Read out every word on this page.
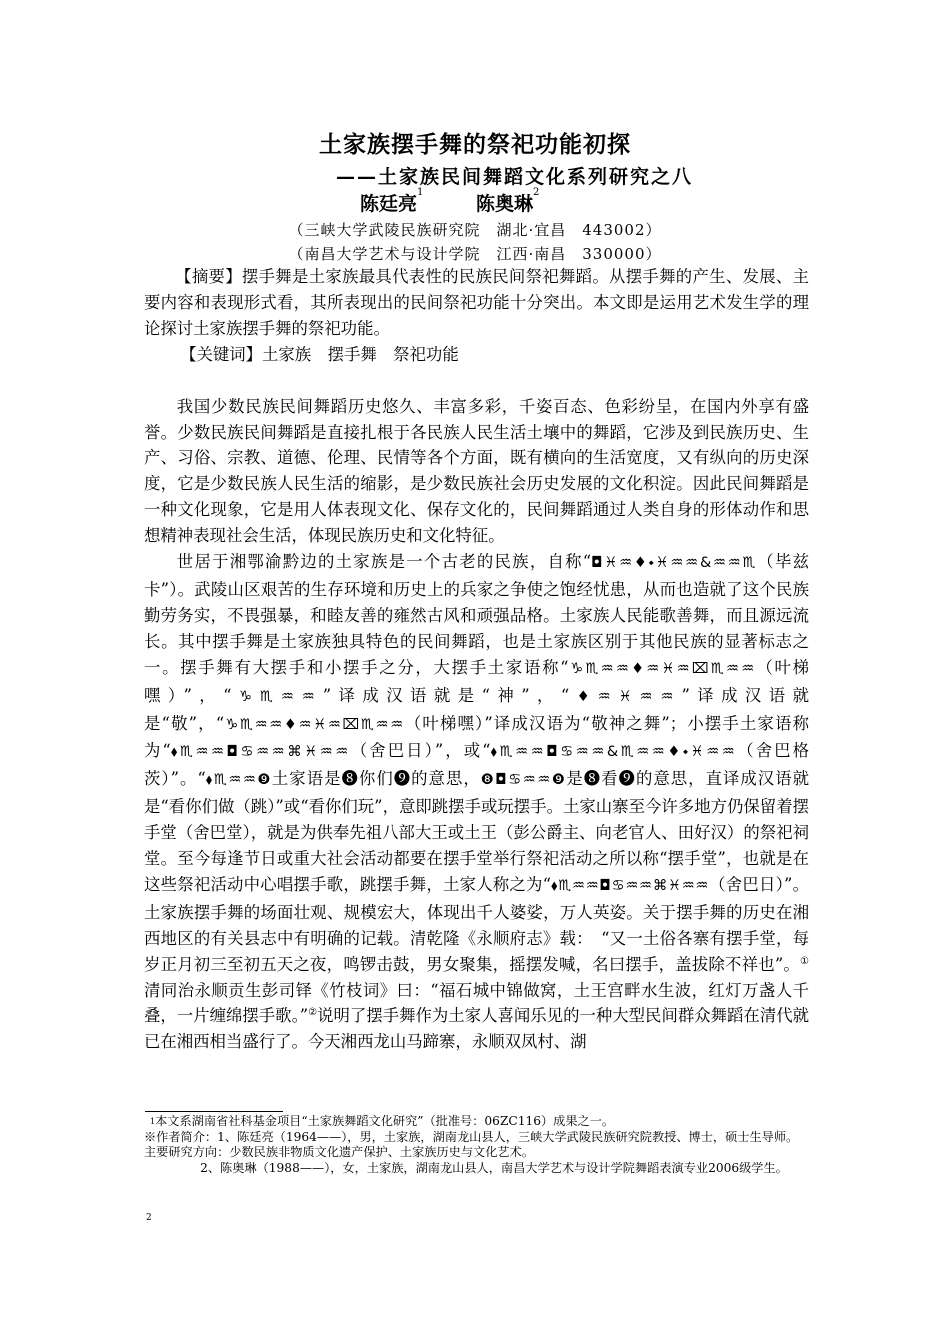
土家族摆手舞的祭祀功能初探
——土家族民间舞蹈文化系列研究之八
陈廷亮$^1$ 陈奥琳$^2$
（三峡大学武陵民族研究院　湖北·宜昌　443002）
（南昌大学艺术与设计学院　江西·南昌　330000）

【摘要】摆手舞是土家族最具代表性的民族民间祭祀舞蹈。从摆手舞的产生、发展、主要内容和表现形式看，其所表现出的民间祭祀功能十分突出。本文即是运用艺术发生学的理论探讨土家族摆手舞的祭祀功能。

【关键词】土家族　摆手舞　祭祀功能

我国少数民族民间舞蹈历史悠久、丰富多彩，千姿百态、色彩纷呈，在国内外享有盛誉。少数民族民间舞蹈是直接扎根于各民族人民生活土壤中的舞蹈，它涉及到民族历史、生产、习俗、宗教、道德、伦理、民情等各个方面，既有横向的生活宽度，又有纵向的历史深度，它是少数民族人民生活的缩影，是少数民族社会历史发展的文化积淀。因此民间舞蹈是一种文化现象，它是用人体表现文化、保存文化的，民间舞蹈通过人类自身的形体动作和思想精神表现社会生活，体现民族历史和文化特征。

世居于湘鄂渝黔边的土家族是一个古老的民族，自称“◘♓♒♦⬩♓♒♒&♒♒♏（毕兹卡”）。武陵山区艰苦的生存环境和历史上的兵家之争使之饱经忧患，从而也造就了这个民族勤劳务实，不畏强暴，和睦友善的雍然古风和顽强品格。土家族人民能歌善舞，而且源远流长。其中摆手舞是土家族独具特色的民间舞蹈，也是土家族区别于其他民族的显著标志之一。摆手舞有大摆手和小摆手之分，大摆手土家语称“♑♏♒♒♦♒♓♒⌧♏♒♒（叶梯嘿）”，“♑♏♒♒”译成汉语就是“神”，“♦♒♓♒♒”译成汉语就是“敬”，“♑♏♒♒♦♒♓♒⌧♏♒♒（叶梯嘿）”译成汉语为“敬神之舞”；小摆手土家语称为“⬧♏♒♒◘♋♒♒⌘♓♒♒（舍巴日）”，或“⬧♏♒♒◘♋♒♒&♏♒♒♦⬩♓♒♒（舍巴格茨）”。“⬧♏♒♒❾土家语是❽你们❾的意思，❽◘♋♒♒❾是❽看❾的意思，直译成汉语就是“看你们做（跳）”或“看你们玩”，意即跳摆手或玩摆手。土家山寨至今许多地方仍保留着摆手堂（舍巴堂），就是为供奉先祖八部大王或土王（彭公爵主、向老官人、田好汉）的祭祀祠堂。至今每逢节日或重大社会活动都要在摆手堂举行祭祀活动之所以称“摆手堂”，也就是在这些祭祀活动中心唱摆手歌，跳摆手舞，土家人称之为“⬧♏♒♒◘♋♒♒⌘♓♒♒（舍巴日）”。土家族摆手舞的场面壮观、规模宏大，体现出千人婆娑，万人英姿。关于摆手舞的历史在湘西地区的有关县志中有明确的记载。清乾隆《永顺府志》载：　“又一土俗各寨有摆手堂，每岁正月初三至初五天之夜，鸣锣击鼓，男女聚集，摇摆发喊，名曰摆手，盖拔除不祥也”。①清同治永顺贡生彭司铎《竹枝词》曰：“福石城中锦做窝，土王宫畔水生波，红灯万盏人千叠，一片缠绵摆手歌。”②说明了摆手舞作为土家人喜闻乐见的一种大型民间群众舞蹈在清代就已在湘西相当盛行了。今天湘西龙山马蹄寨，永顺双凤村、湖

$^1$本文系湖南省社科基金项目“土家族舞蹈文化研究”（批准号：06ZC116）成果之一。
※作者简介：1、陈廷亮（1964——），男，土家族，湖南龙山县人，三峡大学武陵民族研究院教授、博士，硕士生导师。主要研究方向：少数民族非物质文化遗产保护、土家族历史与文化艺术。
2、陈奥琳（1988——），女，土家族，湖南龙山县人，南昌大学艺术与设计学院舞蹈表演专业2006级学生。
2
